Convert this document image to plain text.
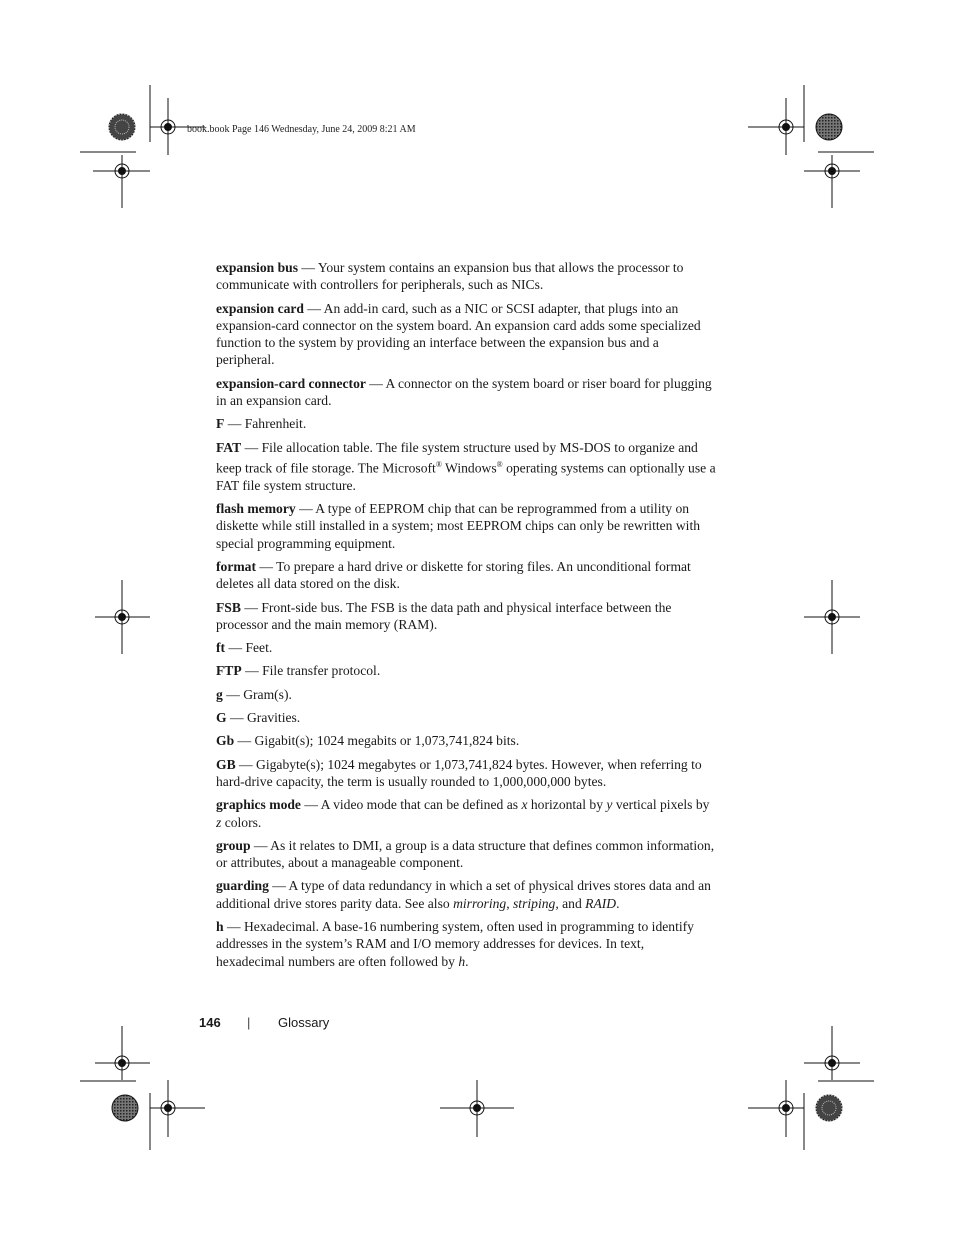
book.book Page 146 Wednesday, June 24, 2009 8:21 AM

expansion bus — Your system contains an expansion bus that allows the processor to communicate with controllers for peripherals, such as NICs.

expansion card — An add-in card, such as a NIC or SCSI adapter, that plugs into an expansion-card connector on the system board. An expansion card adds some specialized function to the system by providing an interface between the expansion bus and a peripheral.

expansion-card connector — A connector on the system board or riser board for plugging in an expansion card.

F — Fahrenheit.

FAT — File allocation table. The file system structure used by MS-DOS to organize and keep track of file storage. The Microsoft® Windows® operating systems can optionally use a FAT file system structure.

flash memory — A type of EEPROM chip that can be reprogrammed from a utility on diskette while still installed in a system; most EEPROM chips can only be rewritten with special programming equipment.

format — To prepare a hard drive or diskette for storing files. An unconditional format deletes all data stored on the disk.

FSB — Front-side bus. The FSB is the data path and physical interface between the processor and the main memory (RAM).

ft — Feet.

FTP — File transfer protocol.

g — Gram(s).

G — Gravities.

Gb — Gigabit(s); 1024 megabits or 1,073,741,824 bits.

GB — Gigabyte(s); 1024 megabytes or 1,073,741,824 bytes. However, when referring to hard-drive capacity, the term is usually rounded to 1,000,000,000 bytes.

graphics mode — A video mode that can be defined as x horizontal by y vertical pixels by z colors.

group — As it relates to DMI, a group is a data structure that defines common information, or attributes, about a manageable component.

guarding — A type of data redundancy in which a set of physical drives stores data and an additional drive stores parity data. See also mirroring, striping, and RAID.

h — Hexadecimal. A base-16 numbering system, often used in programming to identify addresses in the system’s RAM and I/O memory addresses for devices. In text, hexadecimal numbers are often followed by h.

146 | Glossary
